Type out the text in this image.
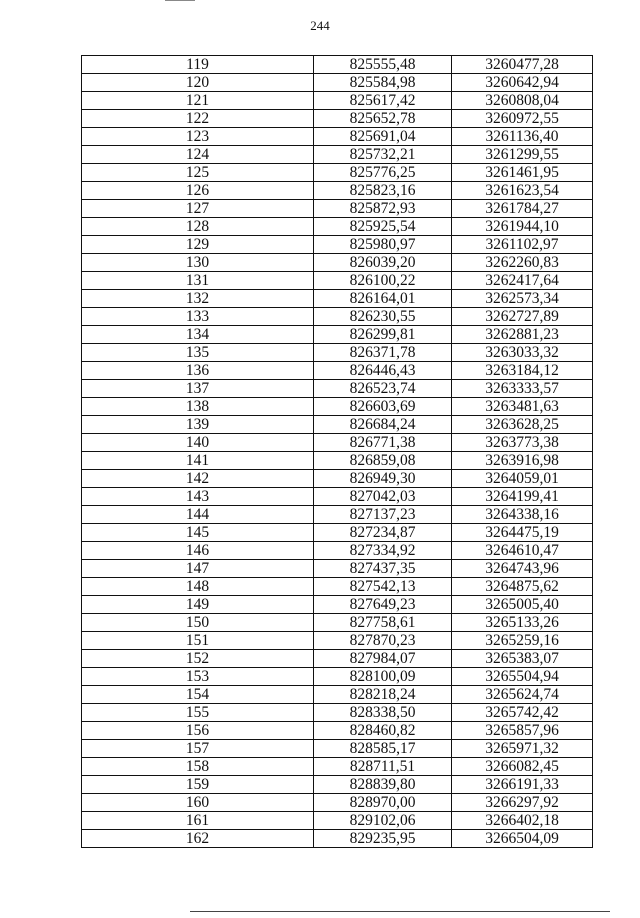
244
119	825555,48	3260477,28
120	825584,98	3260642,94
121	825617,42	3260808,04
122	825652,78	3260972,55
123	825691,04	3261136,40
124	825732,21	3261299,55
125	825776,25	3261461,95
126	825823,16	3261623,54
127	825872,93	3261784,27
128	825925,54	3261944,10
129	825980,97	3261102,97
130	826039,20	3262260,83
131	826100,22	3262417,64
132	826164,01	3262573,34
133	826230,55	3262727,89
134	826299,81	3262881,23
135	826371,78	3263033,32
136	826446,43	3263184,12
137	826523,74	3263333,57
138	826603,69	3263481,63
139	826684,24	3263628,25
140	826771,38	3263773,38
141	826859,08	3263916,98
142	826949,30	3264059,01
143	827042,03	3264199,41
144	827137,23	3264338,16
145	827234,87	3264475,19
146	827334,92	3264610,47
147	827437,35	3264743,96
148	827542,13	3264875,62
149	827649,23	3265005,40
150	827758,61	3265133,26
151	827870,23	3265259,16
152	827984,07	3265383,07
153	828100,09	3265504,94
154	828218,24	3265624,74
155	828338,50	3265742,42
156	828460,82	3265857,96
157	828585,17	3265971,32
158	828711,51	3266082,45
159	828839,80	3266191,33
160	828970,00	3266297,92
161	829102,06	3266402,18
162	829235,95	3266504,09
